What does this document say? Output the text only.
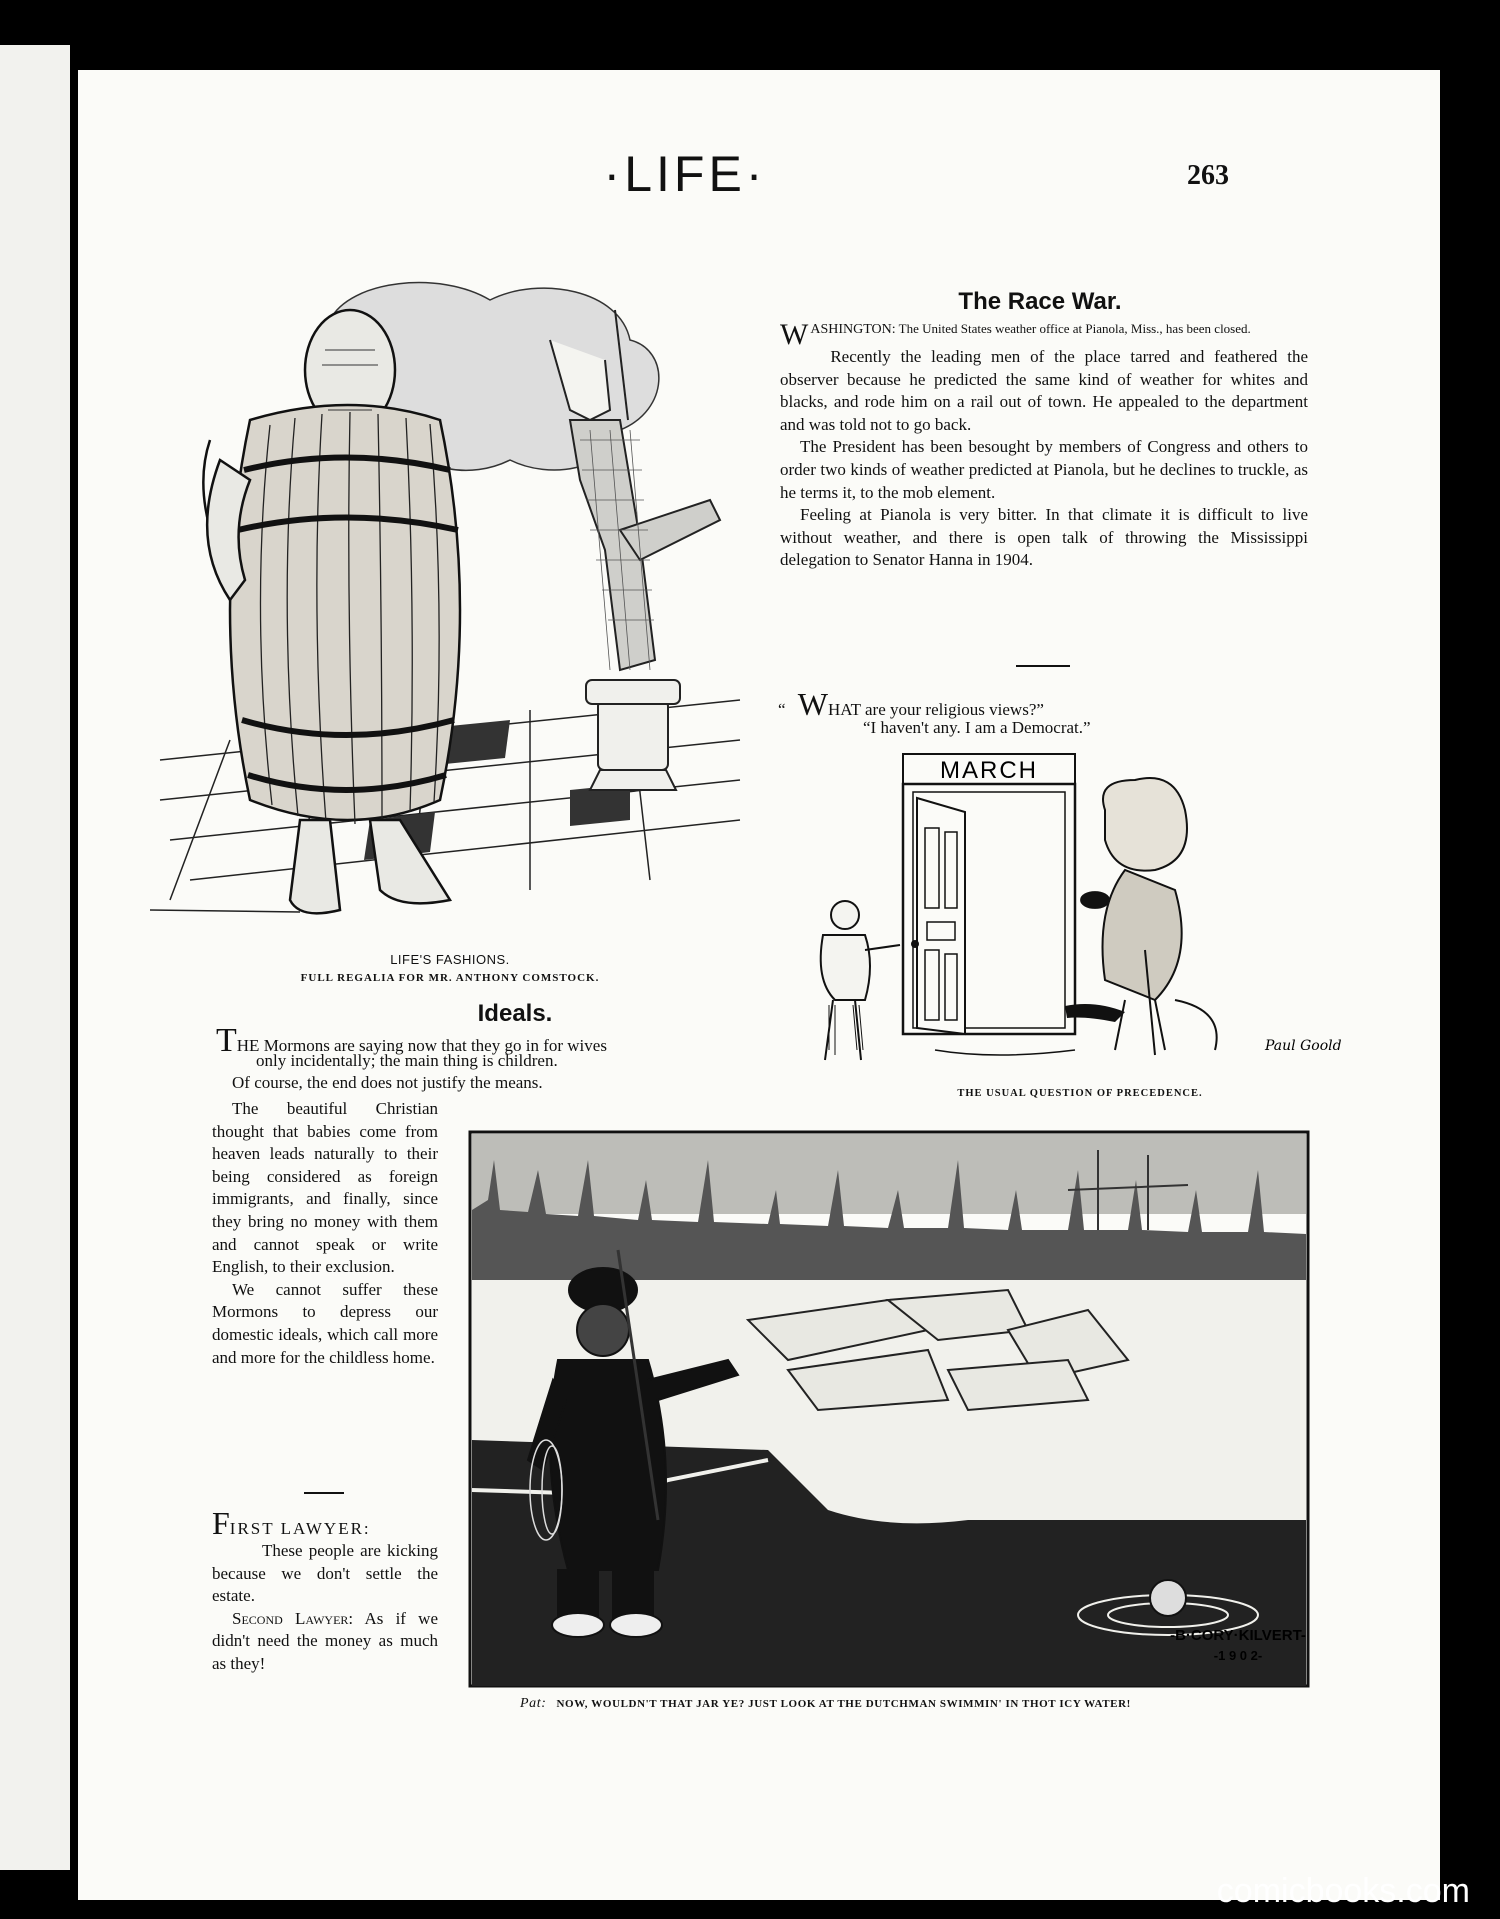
·LIFE·	263
LIFE'S FASHIONS.
FULL REGALIA FOR MR. ANTHONY COMSTOCK.
The Race War.
W ASHINGTON: The United States weather office at Pianola, Miss., has been closed.

Recently the leading men of the place tarred and feathered the observer because he predicted the same kind of weather for whites and blacks, and rode him on a rail out of town. He appealed to the department and was told not to go back.

The President has been besought by members of Congress and others to order two kinds of weather predicted at Pianola, but he declines to truckle, as he terms it, to the mob element.

Feeling at Pianola is very bitter. In that climate it is difficult to live without weather, and there is open talk of throwing the Mississippi delegation to Senator Hanna in 1904.

“ WHAT are your religious views?”
“I haven't any. I am a Democrat.”
MARCH
Paul Goold
THE USUAL QUESTION OF PRECEDENCE.
Ideals.
THE Mormons are saying now that they go in for wives
only incidentally; the main thing is children.
Of course, the end does not justify the means.

The beautiful Christian thought that babies come from heaven leads naturally to their being considered as foreign immigrants, and finally, since they bring no money with them and cannot speak or write English, to their exclusion.

We cannot suffer these Mormons to depress our domestic ideals, which call more and more for the childless home.

FIRST LAWYER:
These people are kicking because we don't settle the estate.

Second Lawyer: As if we didn't need the money as much as they!

-B·CORY·KILVERT-
-1 9 0 2-
Pat: NOW, WOULDN'T THAT JAR YE? JUST LOOK AT THE DUTCHMAN SWIMMIN' IN THOT ICY WATER!
comicbooks.com
